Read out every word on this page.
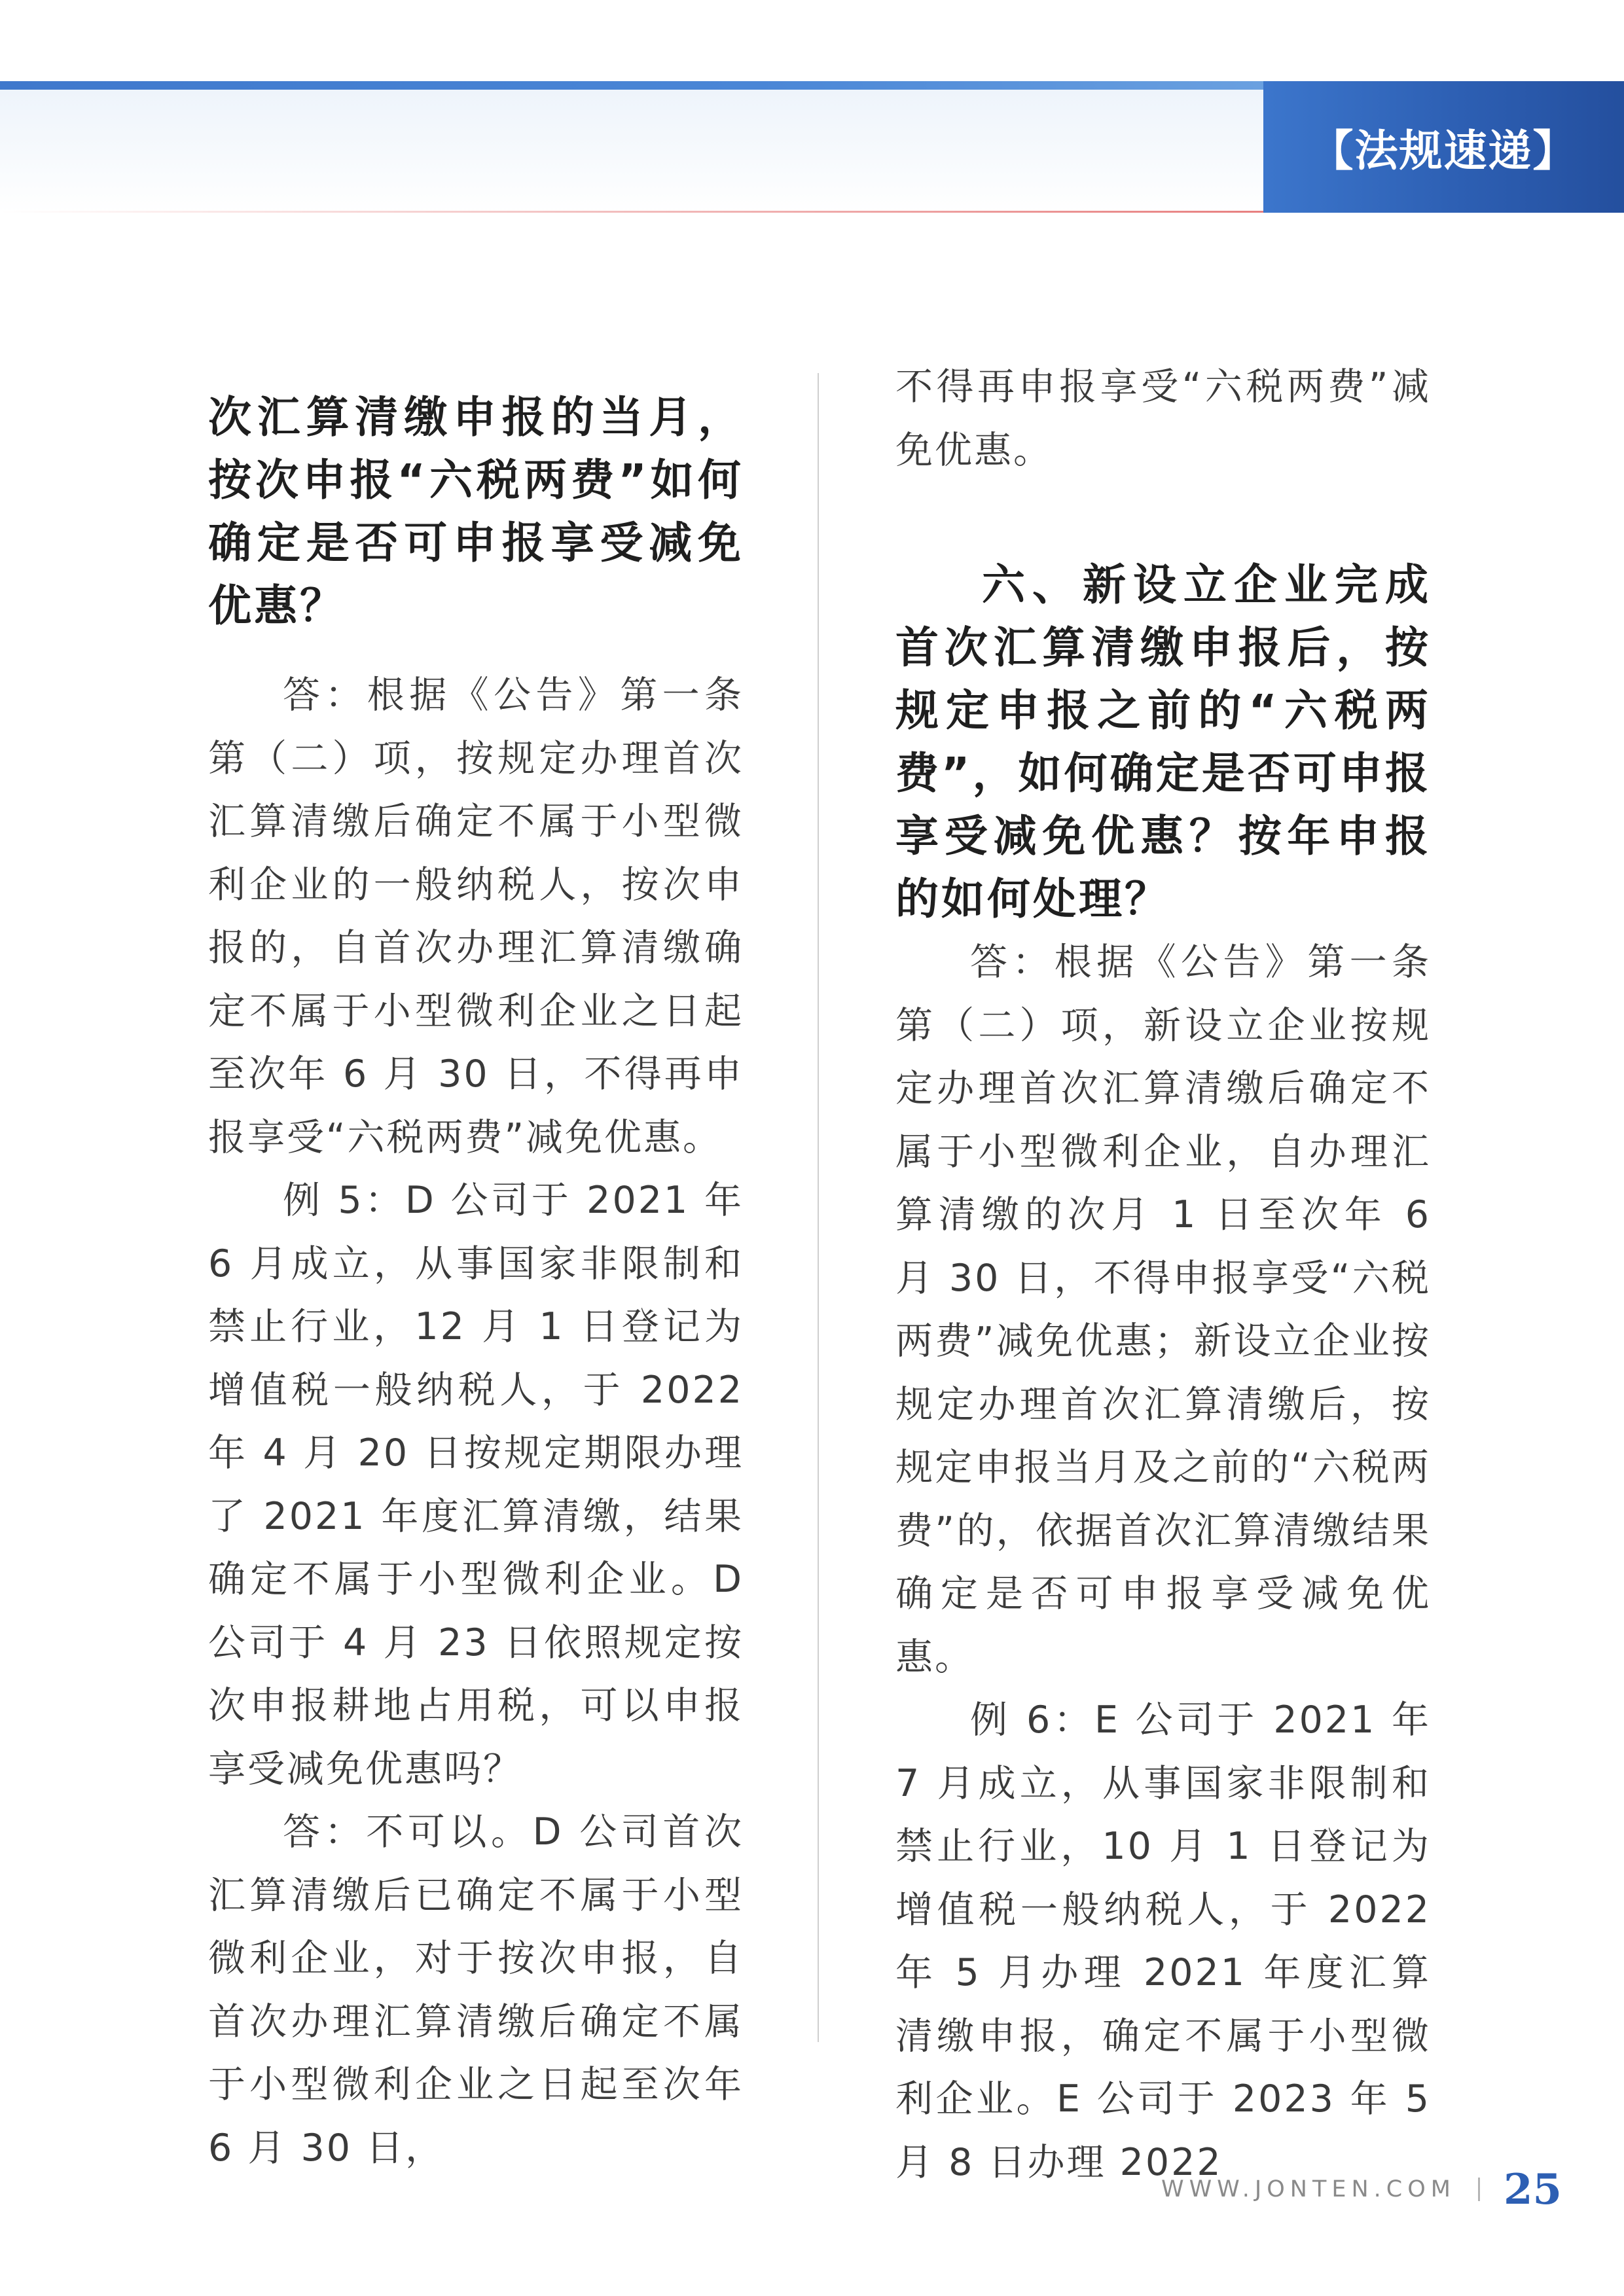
【法规速递】
次汇算清缴申报的当月，按次申报“六税两费”如何确定是否可申报享受减免优惠？

答：根据《公告》第一条第（二）项，按规定办理首次汇算清缴后确定不属于小型微利企业的一般纳税人，按次申报的，自首次办理汇算清缴确定不属于小型微利企业之日起至次年 6 月 30 日，不得再申报享受“六税两费”减免优惠。

例 5：D 公司于 2021 年 6 月成立，从事国家非限制和禁止行业，12 月 1 日登记为增值税一般纳税人，于 2022 年 4 月 20 日按规定期限办理了 2021 年度汇算清缴，结果确定不属于小型微利企业。D 公司于 4 月 23 日依照规定按次申报耕地占用税，可以申报享受减免优惠吗？

答：不可以。D 公司首次汇算清缴后已确定不属于小型微利企业，对于按次申报，自首次办理汇算清缴后确定不属于小型微利企业之日起至次年 6 月 30 日，

不得再申报享受“六税两费”减免优惠。

六、新设立企业完成首次汇算清缴申报后，按规定申报之前的“六税两费”，如何确定是否可申报享受减免优惠？按年申报的如何处理？

答：根据《公告》第一条第（二）项，新设立企业按规定办理首次汇算清缴后确定不属于小型微利企业，自办理汇算清缴的次月 1 日至次年 6 月 30 日，不得申报享受“六税两费”减免优惠；新设立企业按规定办理首次汇算清缴后，按规定申报当月及之前的“六税两费”的，依据首次汇算清缴结果确定是否可申报享受减免优惠。

例 6：E 公司于 2021 年 7 月成立，从事国家非限制和禁止行业，10 月 1 日登记为增值税一般纳税人，于 2022 年 5 月办理 2021 年度汇算清缴申报，确定不属于小型微利企业。E 公司于 2023 年 5 月 8 日办理 2022

WWW.JONTEN.COM 25
